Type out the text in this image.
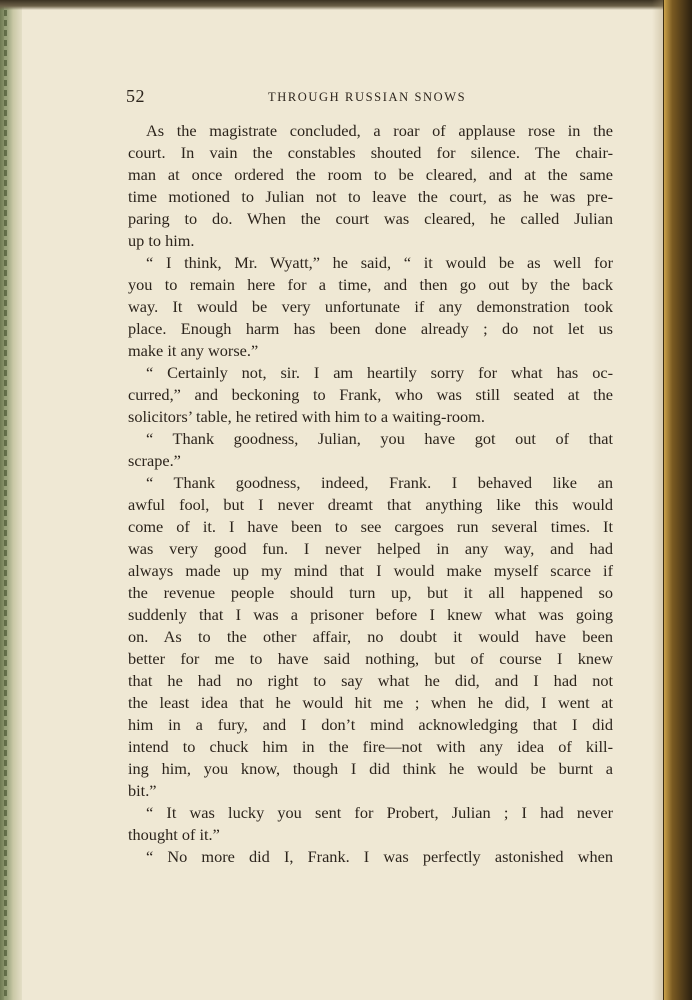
52	THROUGH RUSSIAN SNOWS
As the magistrate concluded, a roar of applause rose in the
court. In vain the constables shouted for silence. The chair-
man at once ordered the room to be cleared, and at the same
time motioned to Julian not to leave the court, as he was pre-
paring to do. When the court was cleared, he called Julian
up to him.
“ I think, Mr. Wyatt,” he said, “ it would be as well for
you to remain here for a time, and then go out by the back
way. It would be very unfortunate if any demonstration took
place. Enough harm has been done already ; do not let us
make it any worse.”
“ Certainly not, sir. I am heartily sorry for what has oc-
curred,” and beckoning to Frank, who was still seated at the
solicitors’ table, he retired with him to a waiting-room.
“ Thank goodness, Julian, you have got out of that
scrape.”
“ Thank goodness, indeed, Frank. I behaved like an
awful fool, but I never dreamt that anything like this would
come of it. I have been to see cargoes run several times. It
was very good fun. I never helped in any way, and had
always made up my mind that I would make myself scarce if
the revenue people should turn up, but it all happened so
suddenly that I was a prisoner before I knew what was going
on. As to the other affair, no doubt it would have been
better for me to have said nothing, but of course I knew
that he had no right to say what he did, and I had not
the least idea that he would hit me ; when he did, I went at
him in a fury, and I don’t mind acknowledging that I did
intend to chuck him in the fire—not with any idea of kill-
ing him, you know, though I did think he would be burnt a
bit.”
“ It was lucky you sent for Probert, Julian ; I had never
thought of it.”
“ No more did I, Frank. I was perfectly astonished when
